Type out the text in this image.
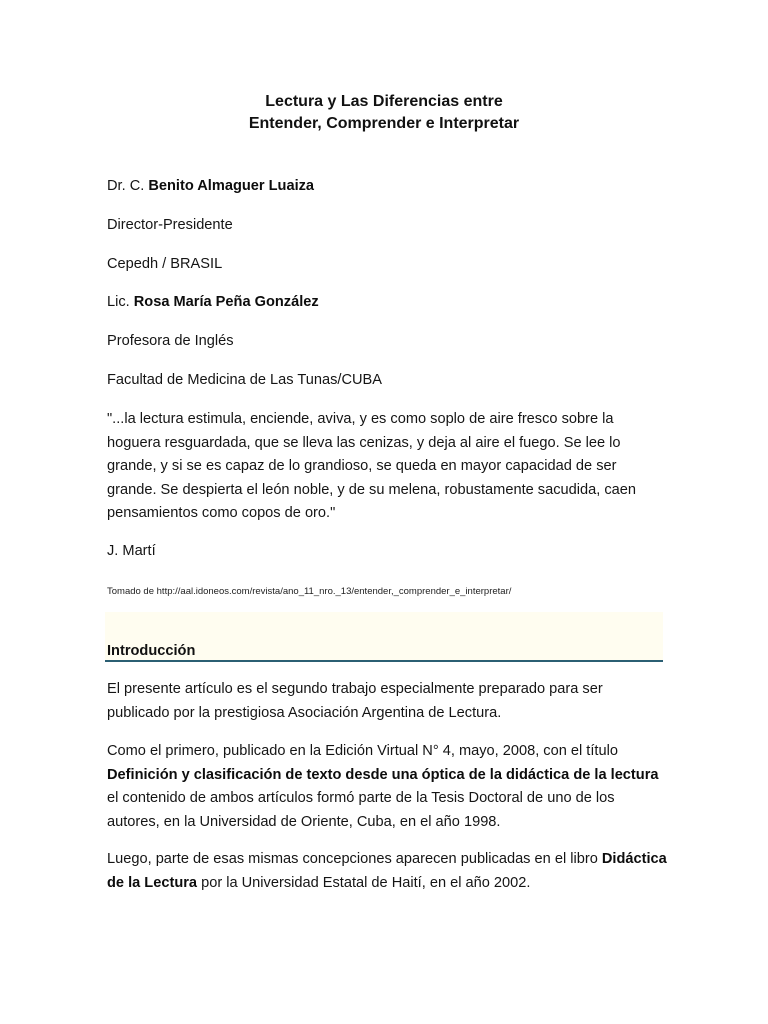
Lectura y Las Diferencias entre
Entender, Comprender e Interpretar

Dr. C. Benito Almaguer Luaiza

Director-Presidente

Cepedh / BRASIL

Lic. Rosa María Peña González

Profesora de Inglés

Facultad de Medicina de Las Tunas/CUBA

"...la lectura estimula, enciende, aviva, y es como soplo de aire fresco sobre la hoguera resguardada, que se lleva las cenizas, y deja al aire el fuego. Se lee lo grande, y si se es capaz de lo grandioso, se queda en mayor capacidad de ser grande. Se despierta el león noble, y de su melena, robustamente sacudida, caen pensamientos como copos de oro."

J. Martí

Tomado de http://aal.idoneos.com/revista/ano_11_nro._13/entender,_comprender_e_interpretar/
Introducción

El presente artículo es el segundo trabajo especialmente preparado para ser publicado por la prestigiosa Asociación Argentina de Lectura.

Como el primero, publicado en la Edición Virtual N° 4, mayo, 2008, con el título Definición y clasificación de texto desde una óptica de la didáctica de la lectura el contenido de ambos artículos formó parte de la Tesis Doctoral de uno de los autores, en la Universidad de Oriente, Cuba, en el año 1998.

Luego, parte de esas mismas concepciones aparecen publicadas en el libro Didáctica de la Lectura por la Universidad Estatal de Haití, en el año 2002.
